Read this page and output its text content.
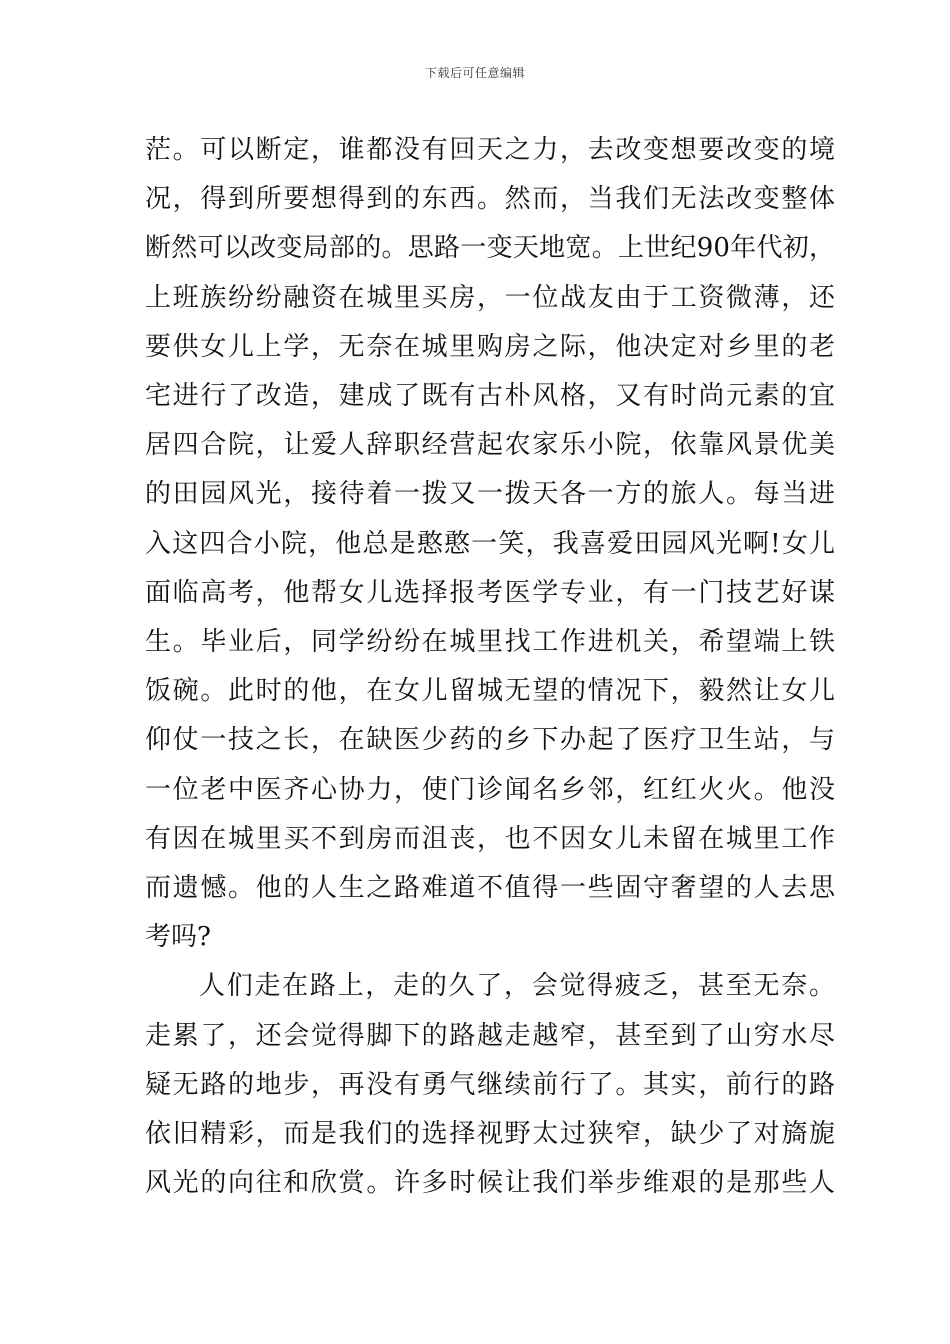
下载后可任意编辑
茫。可以断定，谁都没有回天之力，去改变想要改变的境
况，得到所要想得到的东西。然而，当我们无法改变整体
断然可以改变局部的。思路一变天地宽。上世纪90年代初，
上班族纷纷融资在城里买房，一位战友由于工资微薄，还
要供女儿上学，无奈在城里购房之际，他决定对乡里的老
宅进行了改造，建成了既有古朴风格，又有时尚元素的宜
居四合院，让爱人辞职经营起农家乐小院，依靠风景优美
的田园风光，接待着一拨又一拨天各一方的旅人。每当进
入这四合小院，他总是憨憨一笑，我喜爱田园风光啊!女儿
面临高考，他帮女儿选择报考医学专业，有一门技艺好谋
生。毕业后，同学纷纷在城里找工作进机关，希望端上铁
饭碗。此时的他，在女儿留城无望的情况下，毅然让女儿
仰仗一技之长，在缺医少药的乡下办起了医疗卫生站，与
一位老中医齐心协力，使门诊闻名乡邻，红红火火。他没
有因在城里买不到房而沮丧，也不因女儿未留在城里工作
而遗憾。他的人生之路难道不值得一些固守奢望的人去思
考吗?
人们走在路上，走的久了，会觉得疲乏，甚至无奈。
走累了，还会觉得脚下的路越走越窄，甚至到了山穷水尽
疑无路的地步，再没有勇气继续前行了。其实，前行的路
依旧精彩，而是我们的选择视野太过狭窄，缺少了对旖旎
风光的向往和欣赏。许多时候让我们举步维艰的是那些人
